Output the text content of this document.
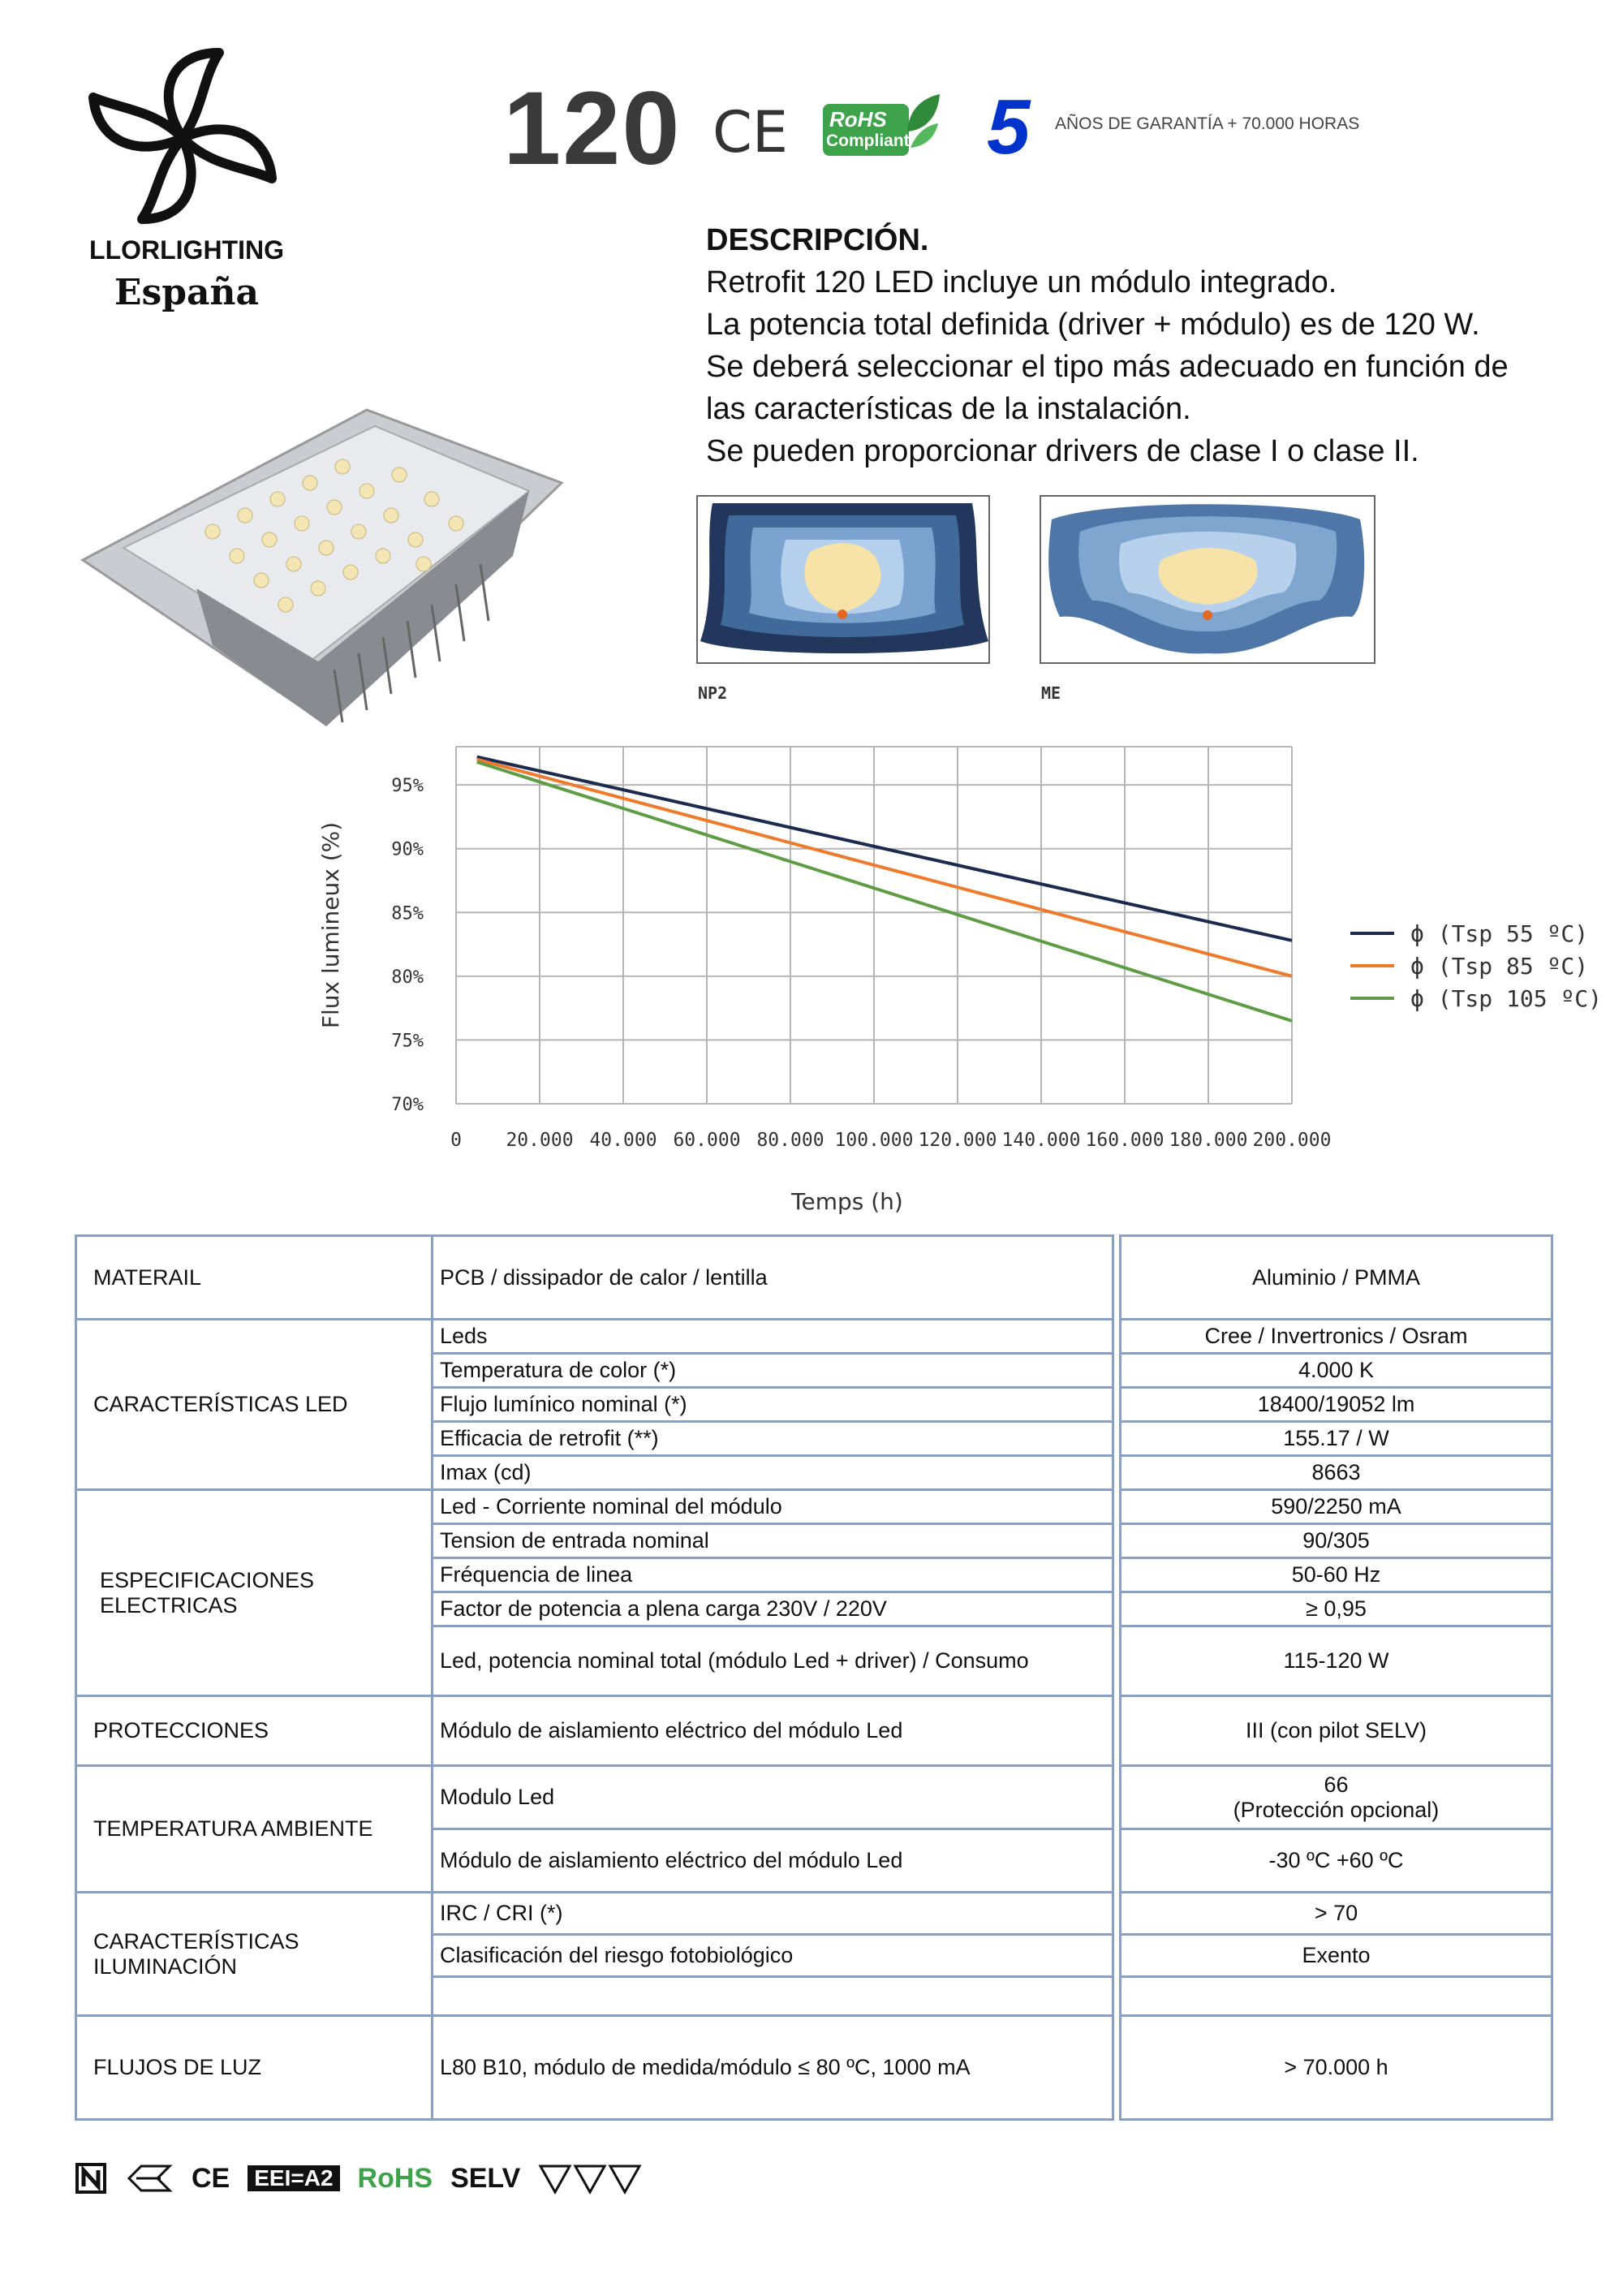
LLORLIGHTING
España
120 CE RoHS
Compliant 5 AÑOS DE GARANTÍA + 70.000 HORAS
DESCRIPCIÓN.
Retrofit 120 LED incluye un módulo integrado.
La potencia total definida (driver + módulo) es de 120 W.
Se deberá seleccionar el tipo más adecuado en función de
las características de la instalación.
Se pueden proporcionar drivers de clase I o clase II.
NP2	ME
70%
75%
80%
85%
90%
95%
0 20.000 40.000 60.000 80.000 100.000 120.000 140.000 160.000 180.000 200.000
Temps (h)
Flux lumineux (%)	ϕ (Tsp 55 ºC)
ϕ (Tsp 85 ºC)
ϕ (Tsp 105 ºC)
MATERAIL	PCB / dissipador de calor / lentilla		Aluminio / PMMA
CARACTERÍSTICAS LED	Leds		Cree / Invertronics / Osram
	Temperatura de color (*)		4.000 K
	Flujo lumínico nominal (*)		18400/19052 lm
	Efficacia de retrofit (**)		155.17 / W
	Imax (cd)		8663

ESPECIFICACIONES
ELECTRICAS	Led - Corriente nominal del módulo		590/2250 mA
	Tension de entrada nominal		90/305
	Fréquencia de linea		50-60 Hz
	Factor de potencia a plena carga 230V / 220V		≥ 0,95
	Led, potencia nominal total (módulo Led + driver) / Consumo		115-120 W
PROTECCIONES	Módulo de aislamiento eléctrico del módulo Led		III (con pilot SELV)
TEMPERATURA AMBIENTE	Modulo Led		66
(Protección opcional)

	Módulo de aislamiento eléctrico del módulo Led		-30 ºC +60 ºC

CARACTERÍSTICAS
ILUMINACIÓN	IRC / CRI (*)		> 70
	Clasificación del riesgo fotobiológico		Exento

FLUJOS DE LUZ	L80 B10, módulo de medida/módulo ≤ 80 ºC, 1000 mA		> 70.000 h
CE EEI=A2 RoHS SELV
